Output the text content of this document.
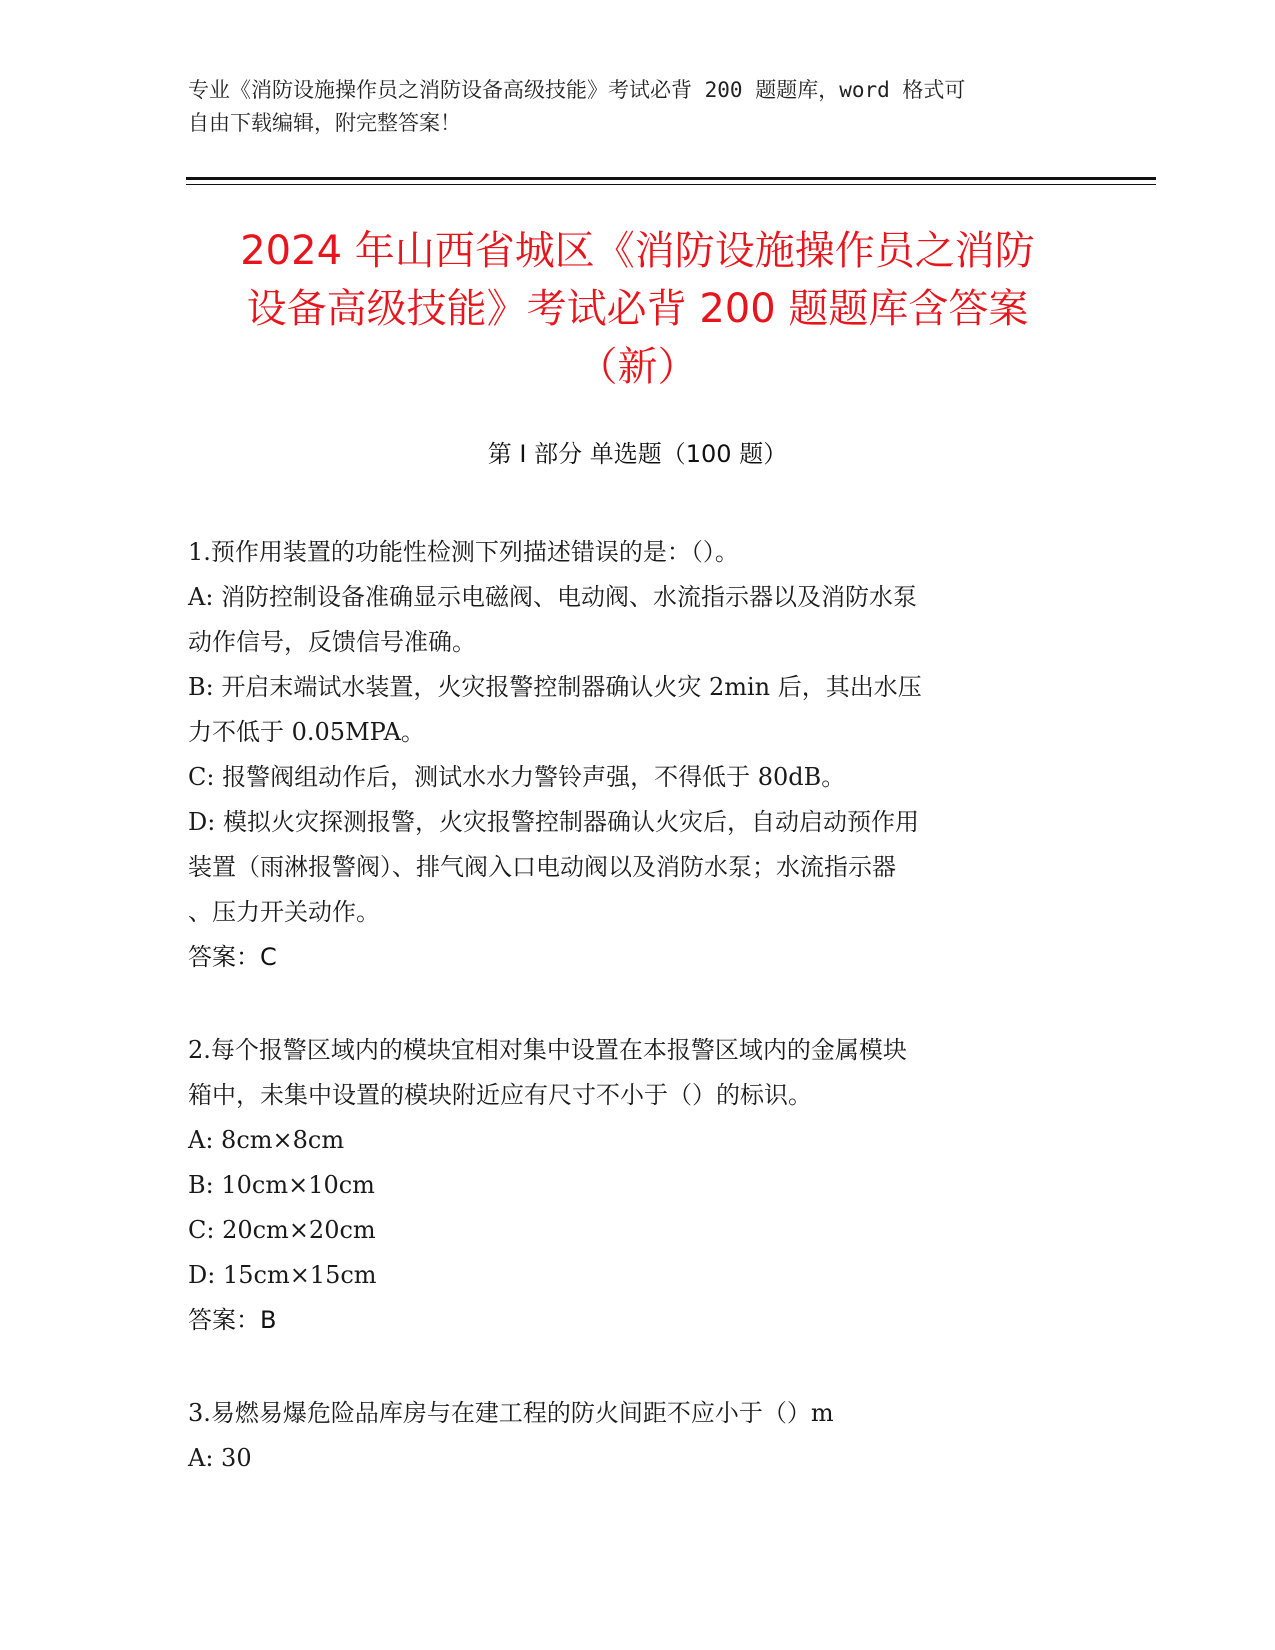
专业《消防设施操作员之消防设备高级技能》考试必背 200 题题库，word 格式可
自由下载编辑，附完整答案！
2024 年山西省城区《消防设施操作员之消防
设备高级技能》考试必背 200 题题库含答案
（新）
第 I 部分 单选题（100 题）
1.预作用装置的功能性检测下列描述错误的是：（）。
A: 消防控制设备准确显示电磁阀、电动阀、水流指示器以及消防水泵
动作信号，反馈信号准确。
B: 开启末端试水装置，火灾报警控制器确认火灾 2min 后，其出水压
力不低于 0.05MPA。
C: 报警阀组动作后，测试水水力警铃声强，不得低于 80dB。
D: 模拟火灾探测报警，火灾报警控制器确认火灾后，自动启动预作用
装置（雨淋报警阀）、排气阀入口电动阀以及消防水泵；水流指示器
、压力开关动作。
答案：C
2.每个报警区域内的模块宜相对集中设置在本报警区域内的金属模块
箱中，未集中设置的模块附近应有尺寸不小于（）的标识。
A: 8cm×8cm
B: 10cm×10cm
C: 20cm×20cm
D: 15cm×15cm
答案：B
3.易燃易爆危险品库房与在建工程的防火间距不应小于（）m
A: 30
